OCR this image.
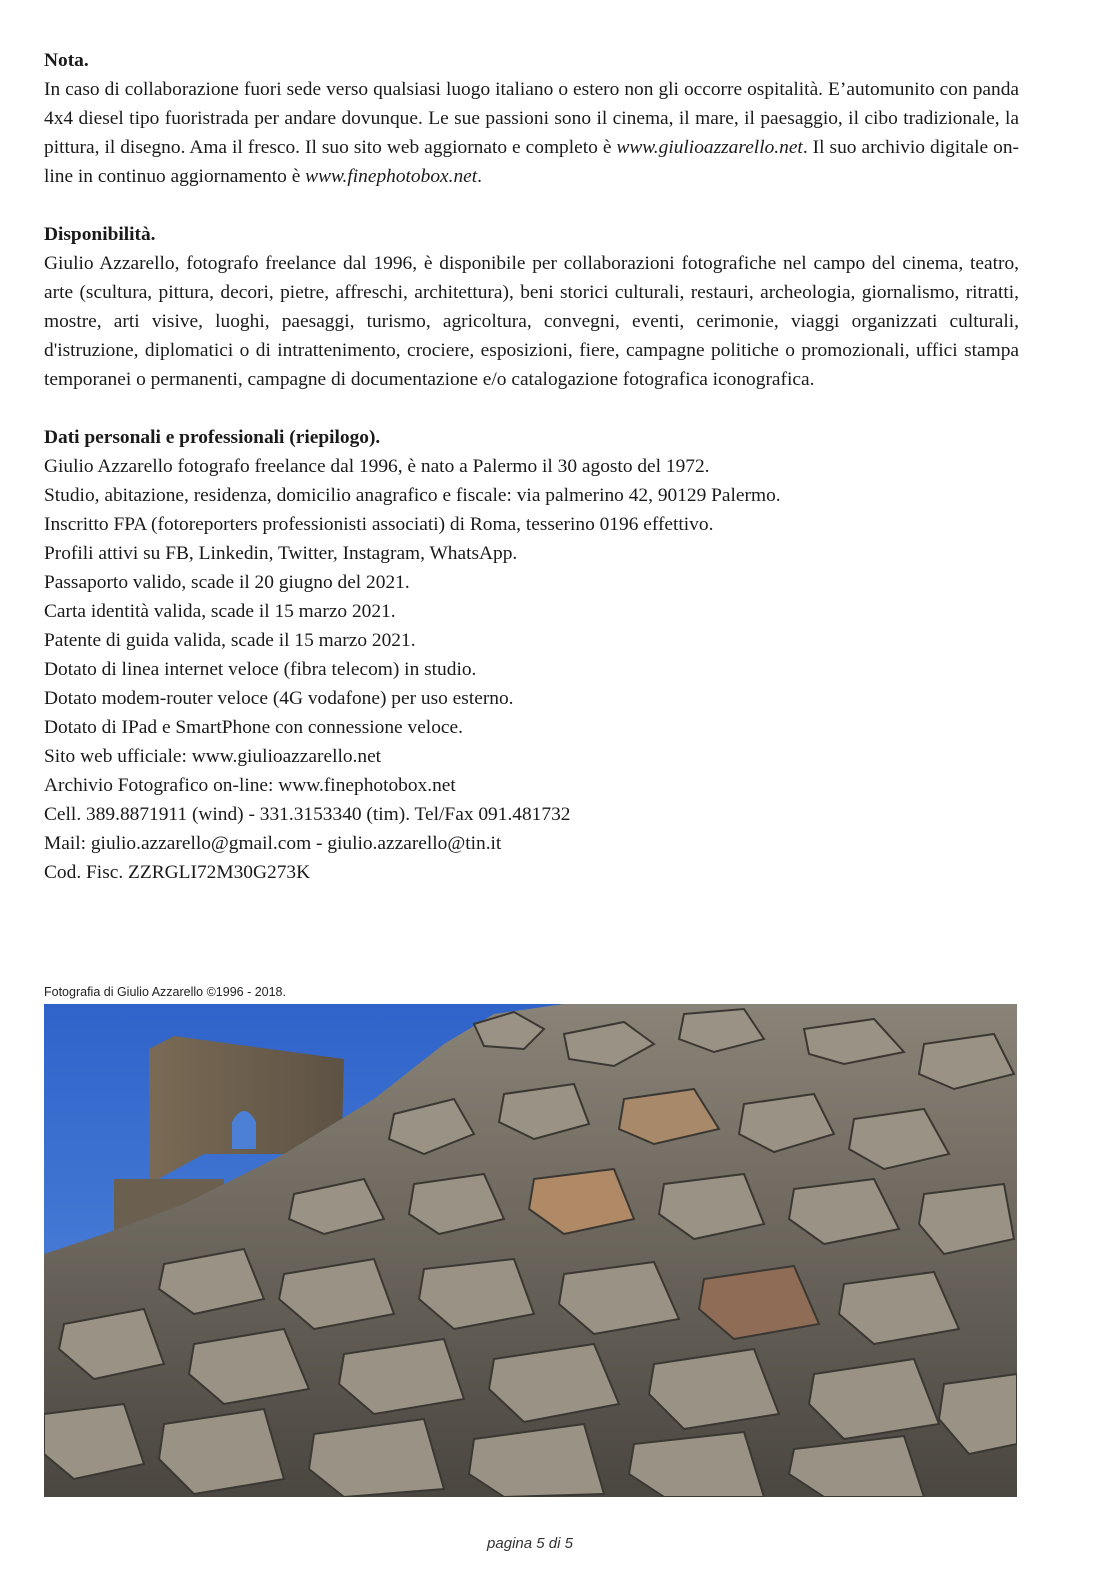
Nota.

In caso di collaborazione fuori sede verso qualsiasi luogo italiano o estero non gli occorre ospitalità. E’automunito con panda 4x4 diesel tipo fuoristrada per andare dovunque. Le sue passioni sono il cinema, il mare, il paesaggio, il cibo tradizionale, la pittura, il disegno. Ama il fresco. Il suo sito web aggiornato e completo è www.giulioazzarello.net. Il suo archivio digitale on-line in continuo aggiornamento è www.finephotobox.net.

Disponibilità.

Giulio Azzarello, fotografo freelance dal 1996, è disponibile per collaborazioni fotografiche nel campo del cinema, teatro, arte (scultura, pittura, decori, pietre, affreschi, architettura), beni storici culturali, restauri, archeologia, giornalismo, ritratti, mostre, arti visive, luoghi, paesaggi, turismo, agricoltura, convegni, eventi, cerimonie, viaggi organizzati culturali, d'istruzione, diplomatici o di intrattenimento, crociere, esposizioni, fiere, campagne politiche o promozionali, uffici stampa temporanei o permanenti, campagne di documentazione e/o catalogazione fotografica iconografica.

Dati personali e professionali (riepilogo).

Giulio Azzarello fotografo freelance dal 1996, è nato a Palermo il 30 agosto del 1972.

Studio, abitazione, residenza, domicilio anagrafico e fiscale: via palmerino 42, 90129 Palermo.

Inscritto FPA (fotoreporters professionisti associati) di Roma, tesserino 0196 effettivo.

Profili attivi su FB, Linkedin, Twitter, Instagram, WhatsApp.

Passaporto valido, scade il 20 giugno del 2021.

Carta identità valida, scade il 15 marzo 2021.

Patente di guida valida, scade il 15 marzo 2021.

Dotato di linea internet veloce (fibra telecom) in studio.

Dotato modem-router veloce (4G vodafone) per uso esterno.

Dotato di IPad e SmartPhone con connessione veloce.

Sito web ufficiale: www.giulioazzarello.net

Archivio Fotografico on-line: www.finephotobox.net

Cell. 389.8871911 (wind) - 331.3153340 (tim). Tel/Fax 091.481732

Mail: giulio.azzarello@gmail.com - giulio.azzarello@tin.it

Cod. Fisc. ZZRGLI72M30G273K

Fotografia di Giulio Azzarello ©1996 - 2018.
pagina 5 di 5
